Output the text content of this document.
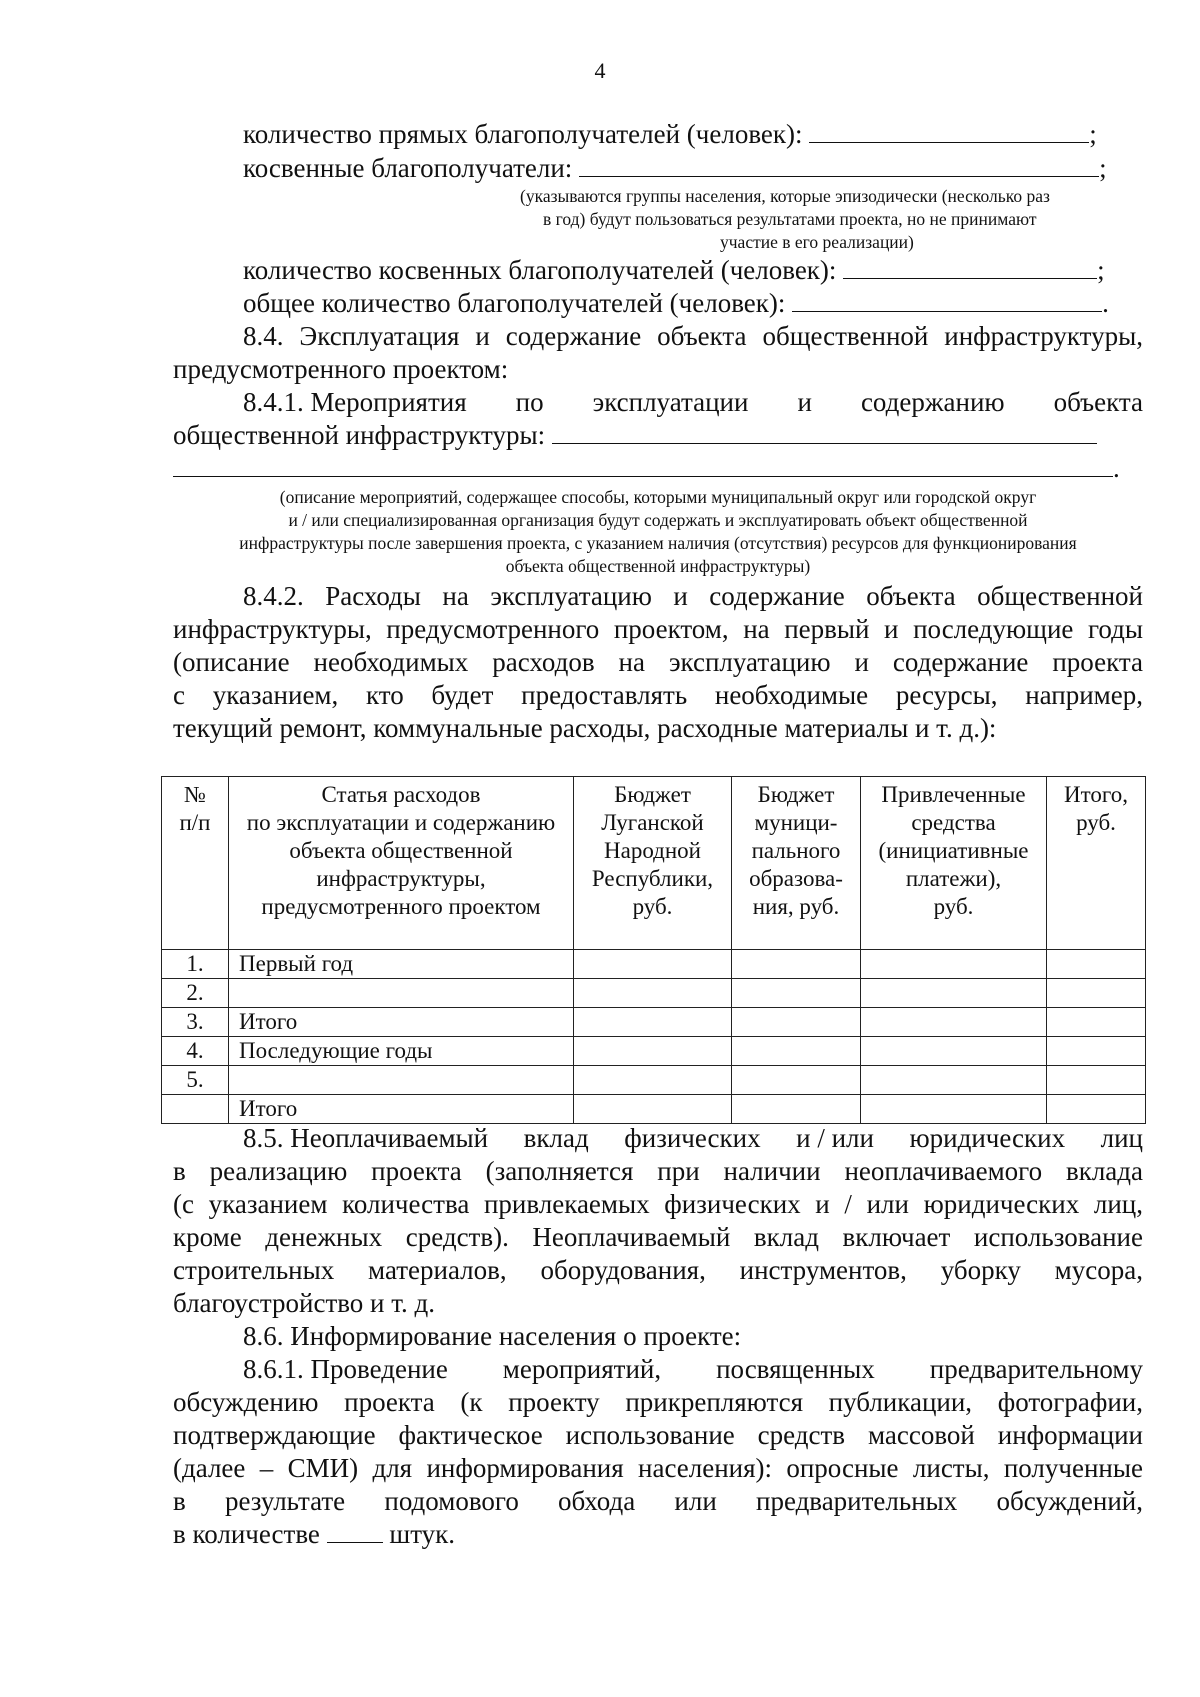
4
количество прямых благополучателей (человек):	;
косвенные благополучатели:	;
(указываются группы населения, которые эпизодически (несколько раз
в год) будут пользоваться результатами проекта, но не принимают
участие в его реализации)
количество косвенных благополучателей (человек):	;
общее количество благополучателей (человек):	.
8.4. Эксплуатация и содержание объекта общественной инфраструктуры,
предусмотренного проектом:
8.4.1. Мероприятия по эксплуатации и содержанию объекта
общественной инфраструктуры:
.
(описание мероприятий, содержащее способы, которыми муниципальный округ или городской округ
и / или специализированная организация будут содержать и эксплуатировать объект общественной
инфраструктуры после завершения проекта, с указанием наличия (отсутствия) ресурсов для функционирования
объекта общественной инфраструктуры)
8.4.2. Расходы на эксплуатацию и содержание объекта общественной
инфраструктуры, предусмотренного проектом, на первый и последующие годы
(описание необходимых расходов на эксплуатацию и содержание проекта
с указанием, кто будет предоставлять необходимые ресурсы, например,
текущий ремонт, коммунальные расходы, расходные материалы и т. д.):
№
п/п	Статья расходов
по эксплуатации и содержанию
объекта общественной
инфраструктуры,
предусмотренного проектом	Бюджет
Луганской
Народной
Республики,
руб.	Бюджет
муници-
пального
образова-
ния, руб.	Привлеченные
средства
(инициативные
платежи),
руб.	Итого,
руб.
1.	Первый год				
2.					
3.	Итого				
4.	Последующие годы				
5.					
	Итого				
8.5. Неоплачиваемый вклад физических и / или юридических лиц
в реализацию проекта (заполняется при наличии неоплачиваемого вклада
(с указанием количества привлекаемых физических и / или юридических лиц,
кроме денежных средств). Неоплачиваемый вклад включает использование
строительных материалов, оборудования, инструментов, уборку мусора,
благоустройство и т. д.
8.6. Информирование населения о проекте:
8.6.1. Проведение мероприятий, посвященных предварительному
обсуждению проекта (к проекту прикрепляются публикации, фотографии,
подтверждающие фактическое использование средств массовой информации
(далее – СМИ) для информирования населения): опросные листы, полученные
в результате подомового обхода или предварительных обсуждений,
в количестве	штук.
